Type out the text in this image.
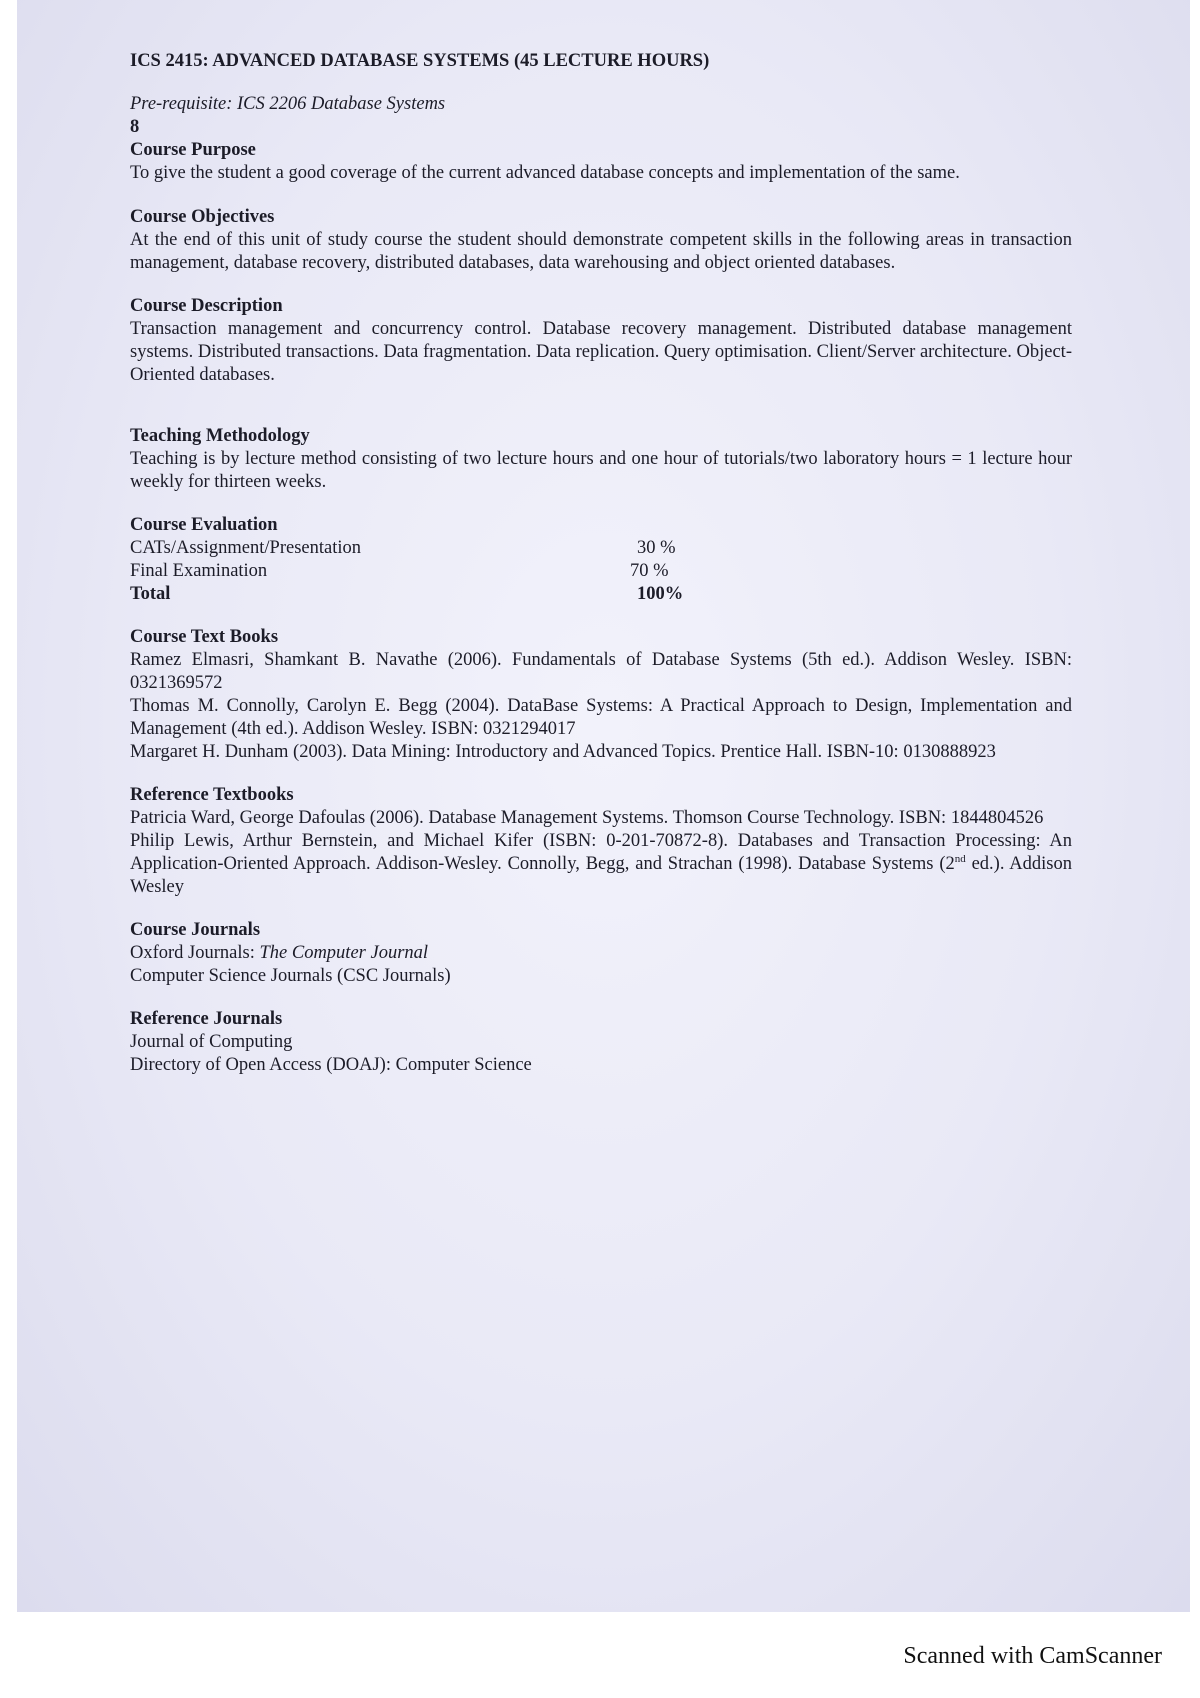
ICS 2415: ADVANCED DATABASE SYSTEMS (45 LECTURE HOURS)
Pre-requisite: ICS 2206 Database Systems
8
Course Purpose
To give the student a good coverage of the current advanced database concepts and implementation of the same.
Course Objectives
At the end of this unit of study course the student should demonstrate competent skills in the following areas in transaction management, database recovery, distributed databases, data warehousing and object oriented databases.
Course Description
Transaction management and concurrency control. Database recovery management. Distributed database management systems. Distributed transactions. Data fragmentation. Data replication. Query optimisation. Client/Server architecture. Object-Oriented databases.
Teaching Methodology
Teaching is by lecture method consisting of two lecture hours and one hour of tutorials/two laboratory hours = 1 lecture hour weekly for thirteen weeks.
Course Evaluation
CATs/Assignment/Presentation	30 %
Final Examination	70 %
Total	100%
Course Text Books
Ramez Elmasri, Shamkant B. Navathe (2006). Fundamentals of Database Systems (5th ed.). Addison Wesley. ISBN: 0321369572
Thomas M. Connolly, Carolyn E. Begg (2004). DataBase Systems: A Practical Approach to Design, Implementation and Management (4th ed.). Addison Wesley. ISBN: 0321294017
Margaret H. Dunham (2003). Data Mining: Introductory and Advanced Topics. Prentice Hall. ISBN-10: 0130888923
Reference Textbooks
Patricia Ward, George Dafoulas (2006). Database Management Systems. Thomson Course Technology. ISBN: 1844804526
Philip Lewis, Arthur Bernstein, and Michael Kifer (ISBN: 0-201-70872-8). Databases and Transaction Processing: An Application-Oriented Approach. Addison-Wesley. Connolly, Begg, and Strachan (1998). Database Systems (2nd ed.). Addison Wesley
Course Journals
Oxford Journals: The Computer Journal
Computer Science Journals (CSC Journals)
Reference Journals
Journal of Computing
Directory of Open Access (DOAJ): Computer Science
Scanned with CamScanner
